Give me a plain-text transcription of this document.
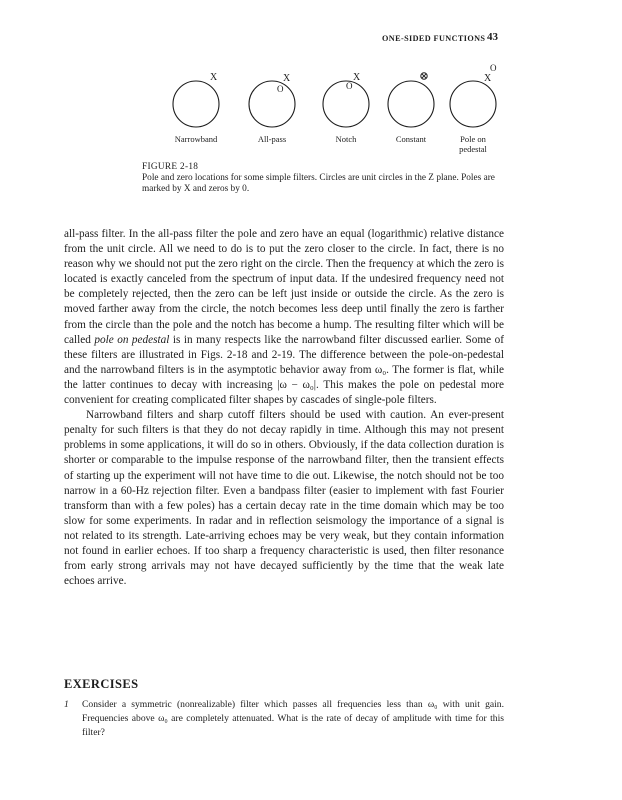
ONE-SIDED FUNCTIONS 43
X	X
O
X
O
X
O
Narrowband	All-pass	Notch	Constant	Pole on
pedestal
FIGURE 2-18
Pole and zero locations for some simple filters. Circles are unit circles in the Z plane. Poles are marked by X and zeros by 0.

all-pass filter. In the all-pass filter the pole and zero have an equal (logarithmic) relative distance from the unit circle. All we need to do is to put the zero closer to the circle. In fact, there is no reason why we should not put the zero right on the circle. Then the frequency at which the zero is located is exactly canceled from the spectrum of input data. If the undesired frequency need not be completely rejected, then the zero can be left just inside or outside the circle. As the zero is moved farther away from the circle, the notch becomes less deep until finally the zero is farther from the circle than the pole and the notch has become a hump. The resulting filter which will be called pole on pedestal is in many respects like the narrowband filter discussed earlier. Some of these filters are illustrated in Figs. 2-18 and 2-19. The difference between the pole-on-pedestal and the narrowband filters is in the asymptotic behavior away from ω₀. The former is flat, while the latter continues to decay with increasing |ω − ω₀|. This makes the pole on pedestal more convenient for creating complicated filter shapes by cascades of single-pole filters.

Narrowband filters and sharp cutoff filters should be used with caution. An ever-present penalty for such filters is that they do not decay rapidly in time. Although this may not present problems in some applications, it will do so in others. Obviously, if the data collection duration is shorter or comparable to the impulse response of the narrowband filter, then the transient effects of starting up the experiment will not have time to die out. Likewise, the notch should not be too narrow in a 60-Hz rejection filter. Even a bandpass filter (easier to implement with fast Fourier transform than with a few poles) has a certain decay rate in the time domain which may be too slow for some experiments. In radar and in reflection seismology the importance of a signal is not related to its strength. Late-arriving echoes may be very weak, but they contain information not found in earlier echoes. If too sharp a frequency characteristic is used, then filter resonance from early strong arrivals may not have decayed sufficiently by the time that the weak late echoes arrive.

EXERCISES
1 Consider a symmetric (nonrealizable) filter which passes all frequencies less than ω₀ with unit gain. Frequencies above ω₀ are completely attenuated. What is the rate of decay of amplitude with time for this filter?
